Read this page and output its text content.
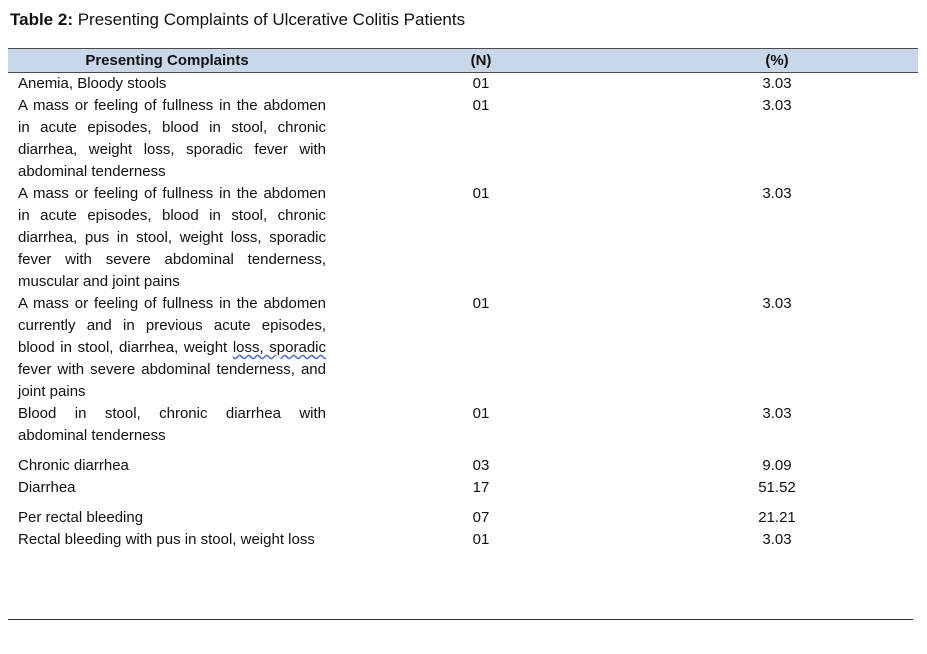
Table 2: Presenting Complaints of Ulcerative Colitis Patients
Presenting Complaints	(N)	(%)
Anemia, Bloody stools	01	3.03
A mass or feeling of fullness in the abdomen in acute episodes, blood in stool, chronic diarrhea, weight loss, sporadic fever with abdominal tenderness	01	3.03
A mass or feeling of fullness in the abdomen in acute episodes, blood in stool, chronic diarrhea, pus in stool, weight loss, sporadic fever with severe abdominal tenderness, muscular and joint pains	01	3.03
A mass or feeling of fullness in the abdomen currently and in previous acute episodes, blood in stool, diarrhea, weight loss, sporadic fever with severe abdominal tenderness, and joint pains	01	3.03
Blood in stool, chronic diarrhea with abdominal tenderness	01	3.03
Chronic diarrhea	03	9.09
Diarrhea	17	51.52
Per rectal bleeding	07	21.21
Rectal bleeding with pus in stool, weight loss	01	3.03
